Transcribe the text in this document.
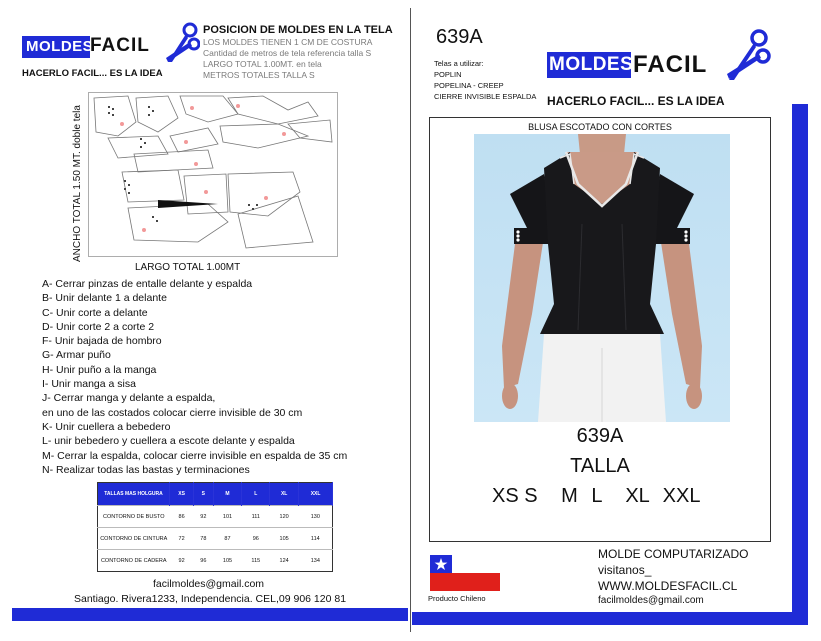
MOLDES
FACIL
HACERLO FACIL... ES LA IDEA
POSICION DE MOLDES EN LA TELA
LOS MOLDES TIENEN 1 CM DE COSTURA
Cantidad de metros de tela referencia talla S
LARGO TOTAL 1.00MT. en tela
METROS TOTALES TALLA S
ANCHO TOTAL 1.50 MT. doble tela
LARGO TOTAL 1.00MT
A- Cerrar pinzas de entalle delante y espalda
B- Unir delante 1 a delante
C- Unir corte a delante
D- Unir corte 2 a corte 2
F- Unir bajada de hombro
G- Armar puño
H- Unir puño a la manga
I- Unir manga a sisa
J- Cerrar manga y delante a espalda,
en uno de las costados colocar cierre invisible de 30 cm
K- Unir cuellera a bebedero
L- unir bebedero y cuellera a escote delante y espalda
M- Cerrar la espalda, colocar cierre invisible en espalda de 35 cm
N- Realizar todas las bastas y terminaciones
TALLAS MAS HOLGURA	XS	S	M	L	XL	XXL
CONTORNO DE BUSTO	86	92	101	111	120	130
CONTORNO DE CINTURA	72	78	87	96	105	114
CONTORNO DE CADERA	92	96	105	115	124	134
facilmoldes@gmail.com
Santiago. Rivera1233, Independencia. CEL,09 906 120 81
639A
Telas a utilizar:
POPLIN
POPELINA - CREEP
CIERRE INVISIBLE ESPALDA
MOLDES FACIL
HACERLO FACIL... ES LA IDEA
BLUSA ESCOTADO CON CORTES
639A
TALLA
XS S M L XL XXL
Producto Chileno
MOLDE COMPUTARIZADO
visitanos_
WWW.MOLDESFACIL.CL
facilmoldes@gmail.com
